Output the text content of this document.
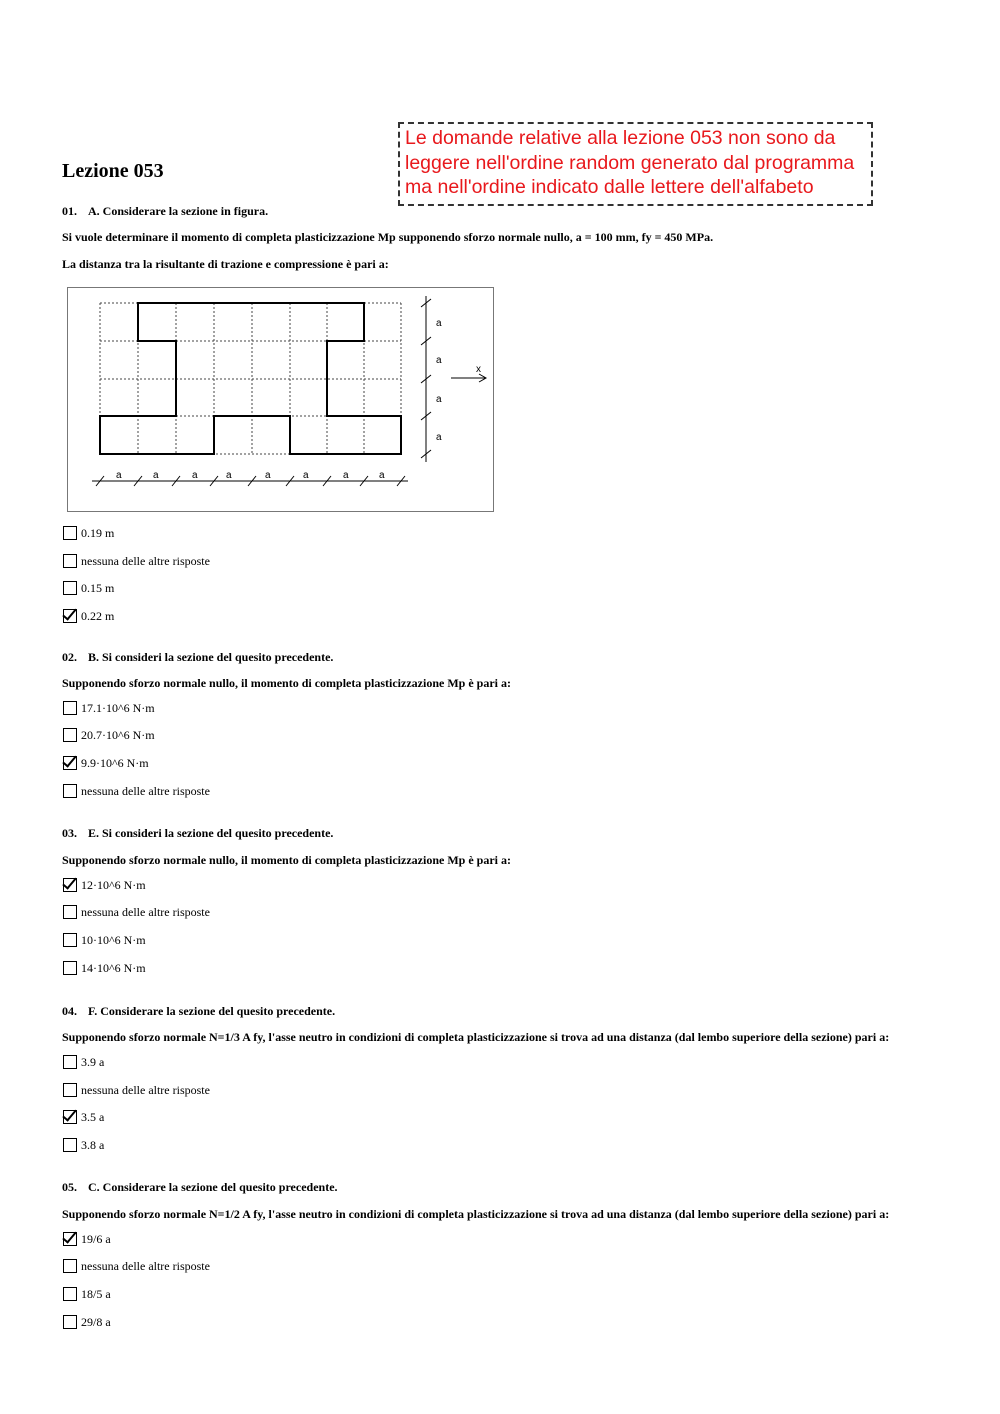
Le domande relative alla lezione 053 non sono da
leggere nell'ordine random generato dal programma
ma nell'ordine indicato dalle lettere dell'alfabeto
Lezione 053

01. A. Considerare la sezione in figura.

Si vuole determinare il momento di completa plasticizzazione Mp supponendo sforzo normale nullo, a = 100 mm, fy = 450 MPa.

La distanza tra la risultante di trazione e compressione è pari a:

a
a
a
a
x
a	a	a	a	a	a	a	a
0.19 m
nessuna delle altre risposte
0.15 m
0.22 m

02. B. Si consideri la sezione del quesito precedente.

Supponendo sforzo normale nullo, il momento di completa plasticizzazione Mp è pari a:

17.1·10^6 N·m
20.7·10^6 N·m
9.9·10^6 N·m
nessuna delle altre risposte

03. E. Si consideri la sezione del quesito precedente.

Supponendo sforzo normale nullo, il momento di completa plasticizzazione Mp è pari a:

12·10^6 N·m
nessuna delle altre risposte
10·10^6 N·m
14·10^6 N·m

04. F. Considerare la sezione del quesito precedente.

Supponendo sforzo normale N=1/3 A fy, l'asse neutro in condizioni di completa plasticizzazione si trova ad una distanza (dal lembo superiore della sezione) pari a:

3.9 a
nessuna delle altre risposte
3.5 a
3.8 a

05. C. Considerare la sezione del quesito precedente.

Supponendo sforzo normale N=1/2 A fy, l'asse neutro in condizioni di completa plasticizzazione si trova ad una distanza (dal lembo superiore della sezione) pari a:

19/6 a
nessuna delle altre risposte
18/5 a
29/8 a
